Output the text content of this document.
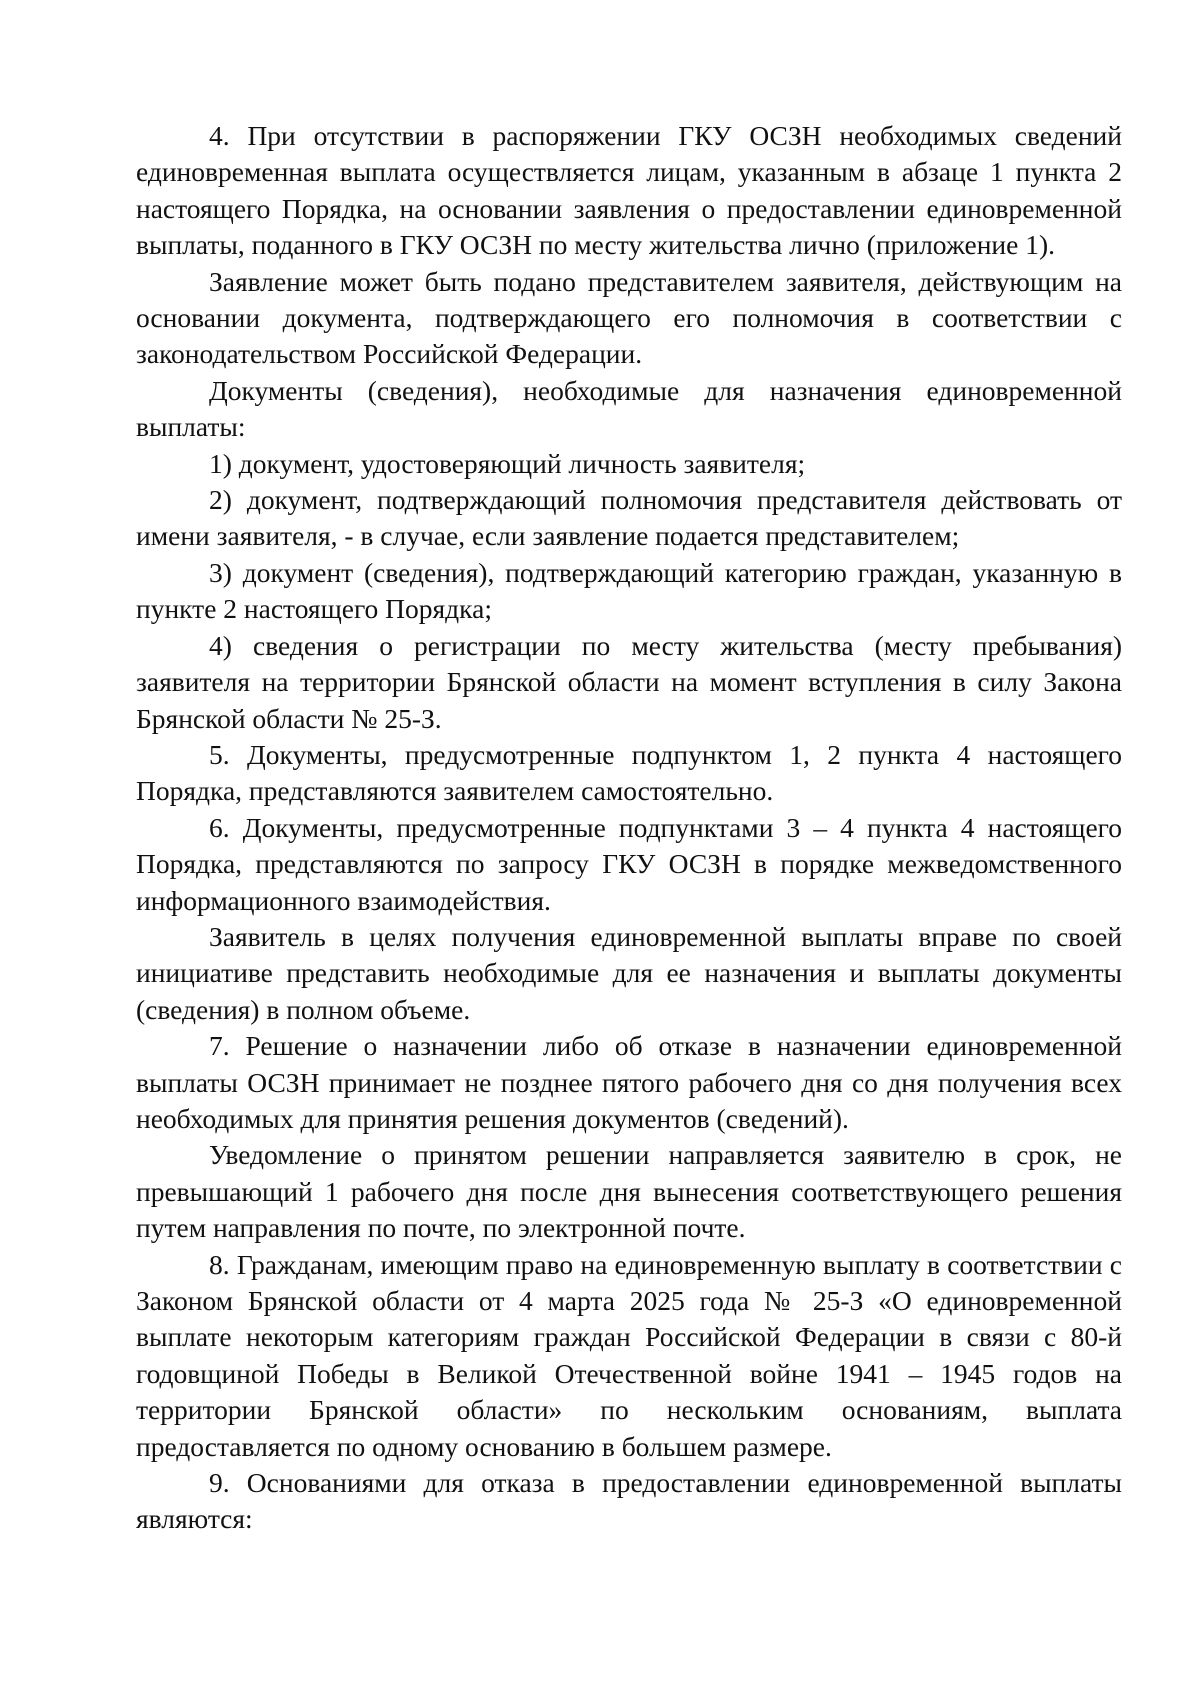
4. При отсутствии в распоряжении ГКУ ОСЗН необходимых сведений единовременная выплата осуществляется лицам, указанным в абзаце 1 пункта 2 настоящего Порядка, на основании заявления о предоставлении единовременной выплаты, поданного в ГКУ ОСЗН по месту жительства лично (приложение 1).

Заявление может быть подано представителем заявителя, действующим на основании документа, подтверждающего его полномочия в соответствии с законодательством Российской Федерации.

Документы (сведения), необходимые для назначения единовременной выплаты:

1) документ, удостоверяющий личность заявителя;

2) документ, подтверждающий полномочия представителя действовать от имени заявителя, - в случае, если заявление подается представителем;

3) документ (сведения), подтверждающий категорию граждан, указанную в пункте 2 настоящего Порядка;

4) сведения о регистрации по месту жительства (месту пребывания) заявителя на территории Брянской области на момент вступления в силу Закона Брянской области № 25-З.

5. Документы, предусмотренные подпунктом 1, 2 пункта 4 настоящего Порядка, представляются заявителем самостоятельно.

6. Документы, предусмотренные подпунктами 3 – 4 пункта 4 настоящего Порядка, представляются по запросу ГКУ ОСЗН в порядке межведомственного информационного взаимодействия.

Заявитель в целях получения единовременной выплаты вправе по своей инициативе представить необходимые для ее назначения и выплаты документы (сведения) в полном объеме.

7. Решение о назначении либо об отказе в назначении единовременной выплаты ОСЗН принимает не позднее пятого рабочего дня со дня получения всех необходимых для принятия решения документов (сведений).

Уведомление о принятом решении направляется заявителю в срок, не превышающий 1 рабочего дня после дня вынесения соответствующего решения путем направления по почте, по электронной почте.

8. Гражданам, имеющим право на единовременную выплату в соответствии с Законом Брянской области от 4 марта 2025 года № 25-З «О единовременной выплате некоторым категориям граждан Российской Федерации в связи с 80-й годовщиной Победы в Великой Отечественной войне 1941 – 1945 годов на территории Брянской области» по нескольким основаниям, выплата предоставляется по одному основанию в большем размере.

9. Основаниями для отказа в предоставлении единовременной выплаты являются:
